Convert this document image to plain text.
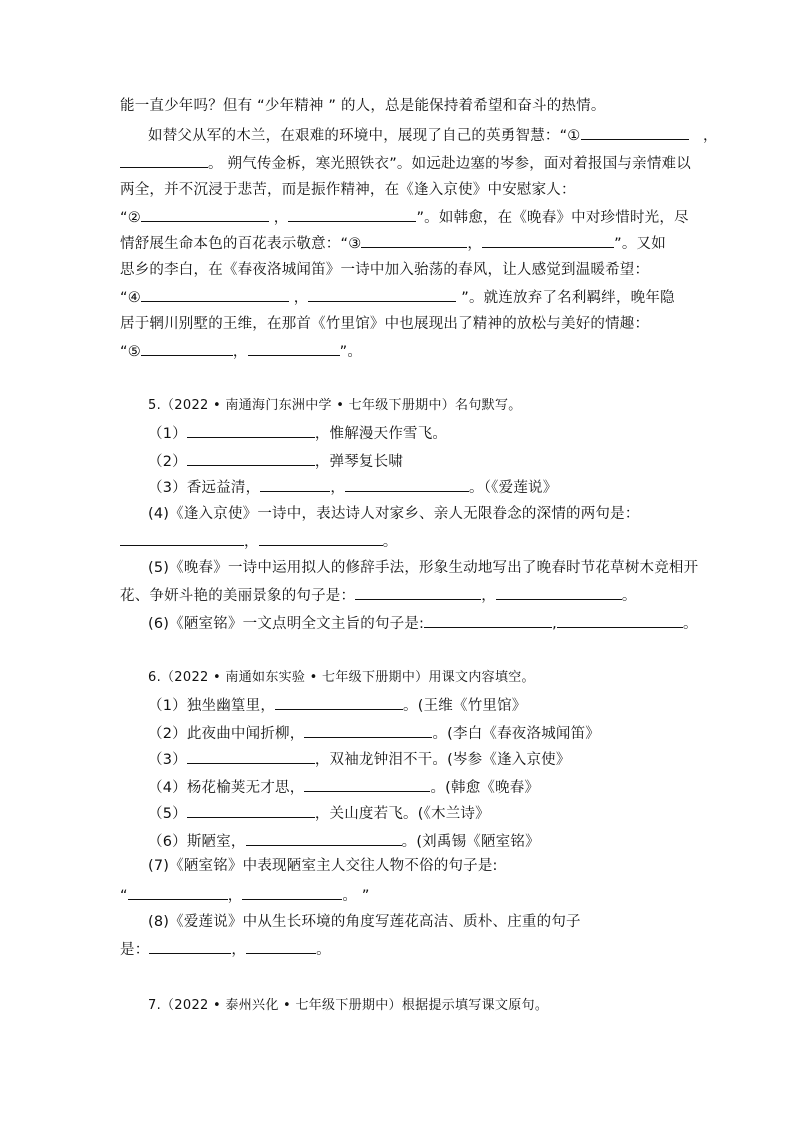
能一直少年吗？但有 “少年精神 ” 的人，总是能保持着希望和奋斗的热情。
如替父从军的木兰，在艰难的环境中，展现了自己的英勇智慧：“①	，
。 朔气传金柝，寒光照铁衣”。如远赴边塞的岑参，面对着报国与亲情难以
两全，并不沉浸于悲苦，而是振作精神，在《逢入京使》中安慰家人：
“②	，	”。如韩愈，在《晚春》中对珍惜时光，尽
情舒展生命本色的百花表示敬意：“③	，	”。又如
思乡的李白，在《春夜洛城闻笛》一诗中加入骀荡的春风，让人感觉到温暖希望：
“④	，	”。就连放弃了名利羁绊，晚年隐
居于辋川别墅的王维，在那首《竹里馆》中也展现出了精神的放松与美好的情趣：
“⑤	，	”。
5.（2022 • 南通海门东洲中学 • 七年级下册期中）名句默写。
（1）	，惟解漫天作雪飞。
（2）	，弹琴复长啸
（3）香远益清，	，	。（《爱莲说》
(4)《逢入京使》一诗中，表达诗人对家乡、亲人无限眷念的深情的两句是：
，	。
(5)《晚春》一诗中运用拟人的修辞手法，形象生动地写出了晚春时节花草树木竞相开
花、争妍斗艳的美丽景象的句子是：	，	。
(6)《陋室铭》一文点明全文主旨的句子是:	,	。
6.（2022 • 南通如东实验 • 七年级下册期中）用课文内容填空。
（1）独坐幽篁里，	。(王维《竹里馆》
（2）此夜曲中闻折柳，	。(李白《春夜洛城闻笛》
（3）	，双袖龙钟泪不干。(岑参《逢入京使》
（4）杨花榆荚无才思，	。(韩愈《晚春》
（5）	，关山度若飞。(《木兰诗》
（6）斯陋室，	。(刘禹锡《陋室铭》
(7)《陋室铭》中表现陋室主人交往人物不俗的句子是:
“	，	。 ”
(8)《爱莲说》中从生长环境的角度写莲花高洁、质朴、庄重的句子
是：	，	。
7.（2022 • 泰州兴化 • 七年级下册期中）根据提示填写课文原句。
